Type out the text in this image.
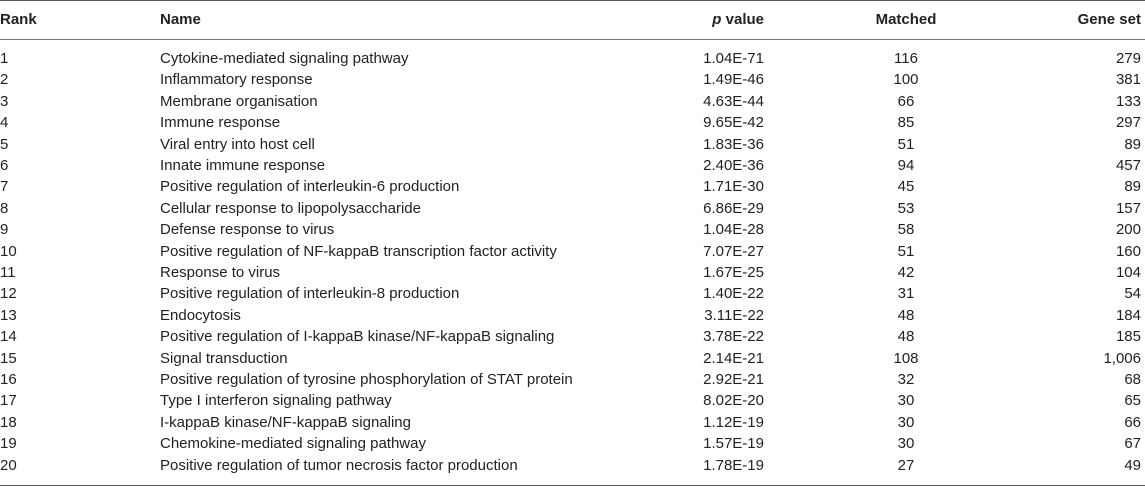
Rank	Name	p value	Matched	Gene set
1	Cytokine-mediated signaling pathway	1.04E-71	116	279
2	Inflammatory response	1.49E-46	100	381
3	Membrane organisation	4.63E-44	66	133
4	Immune response	9.65E-42	85	297
5	Viral entry into host cell	1.83E-36	51	89
6	Innate immune response	2.40E-36	94	457
7	Positive regulation of interleukin-6 production	1.71E-30	45	89
8	Cellular response to lipopolysaccharide	6.86E-29	53	157
9	Defense response to virus	1.04E-28	58	200
10	Positive regulation of NF-kappaB transcription factor activity	7.07E-27	51	160
11	Response to virus	1.67E-25	42	104
12	Positive regulation of interleukin-8 production	1.40E-22	31	54
13	Endocytosis	3.11E-22	48	184
14	Positive regulation of I-kappaB kinase/NF-kappaB signaling	3.78E-22	48	185
15	Signal transduction	2.14E-21	108	1,006
16	Positive regulation of tyrosine phosphorylation of STAT protein	2.92E-21	32	68
17	Type I interferon signaling pathway	8.02E-20	30	65
18	I-kappaB kinase/NF-kappaB signaling	1.12E-19	30	66
19	Chemokine-mediated signaling pathway	1.57E-19	30	67
20	Positive regulation of tumor necrosis factor production	1.78E-19	27	49
